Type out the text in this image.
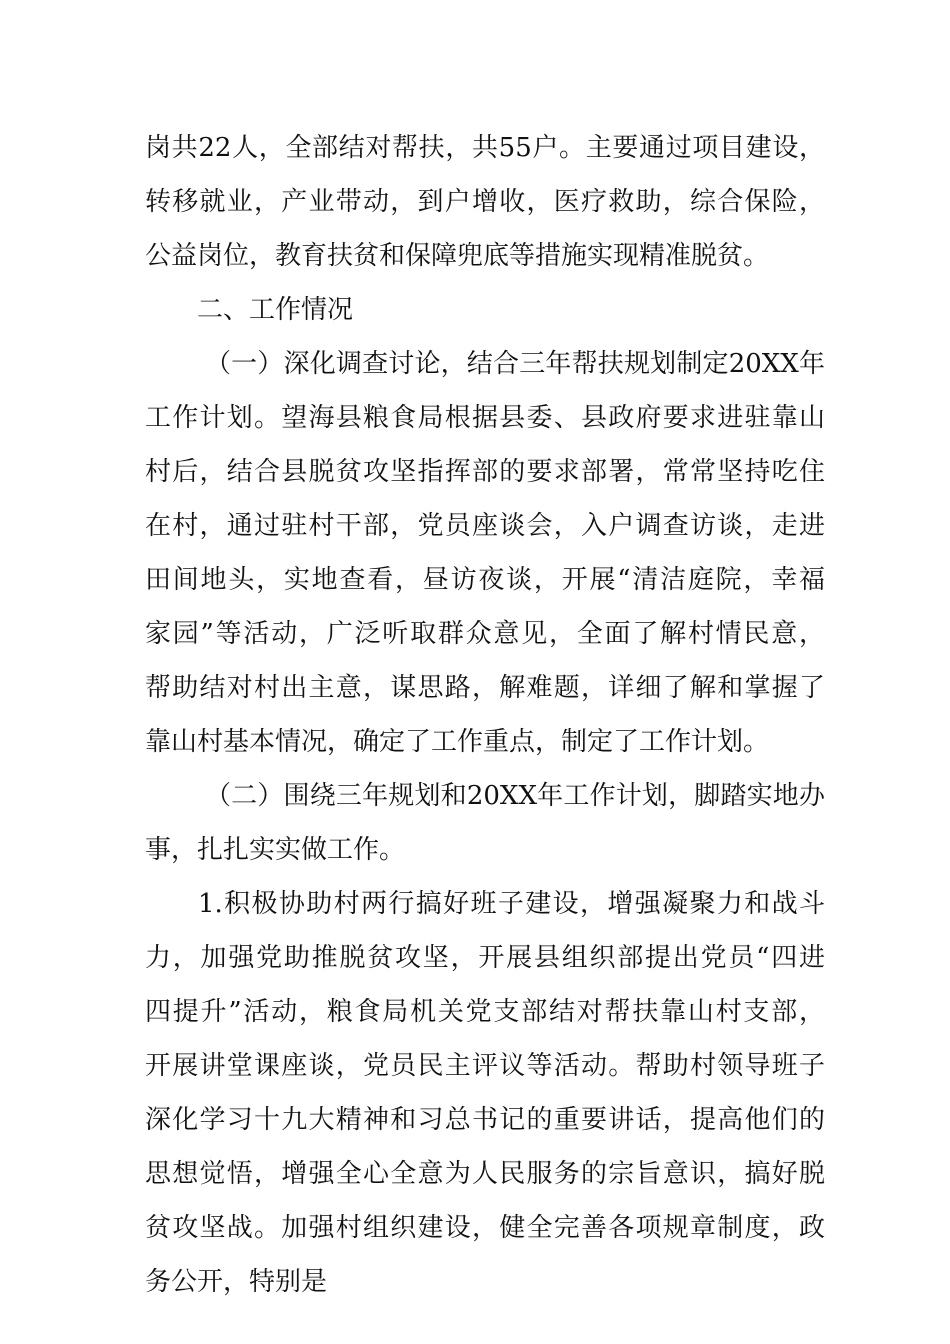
岗共22人，全部结对帮扶，共55户。主要通过项目建设，
转移就业，产业带动，到户增收，医疗救助，综合保险，
公益岗位，教育扶贫和保障兜底等措施实现精准脱贫。
二、工作情况
（一）深化调查讨论，结合三年帮扶规划制定20XX年
工作计划。望海县粮食局根据县委、县政府要求进驻靠山
村后，结合县脱贫攻坚指挥部的要求部署，常常坚持吃住
在村，通过驻村干部，党员座谈会，入户调查访谈，走进
田间地头，实地查看，昼访夜谈，开展“清洁庭院，幸福
家园”等活动，广泛听取群众意见，全面了解村情民意，
帮助结对村出主意，谋思路，解难题，详细了解和掌握了
靠山村基本情况，确定了工作重点，制定了工作计划。
（二）围绕三年规划和20XX年工作计划，脚踏实地办
事，扎扎实实做工作。
1.积极协助村两行搞好班子建设，增强凝聚力和战斗
力，加强党助推脱贫攻坚，开展县组织部提出党员“四进
四提升”活动，粮食局机关党支部结对帮扶靠山村支部，
开展讲堂课座谈，党员民主评议等活动。帮助村领导班子
深化学习十九大精神和习总书记的重要讲话，提高他们的
思想觉悟，增强全心全意为人民服务的宗旨意识，搞好脱
贫攻坚战。加强村组织建设，健全完善各项规章制度，政
务公开，特别是
